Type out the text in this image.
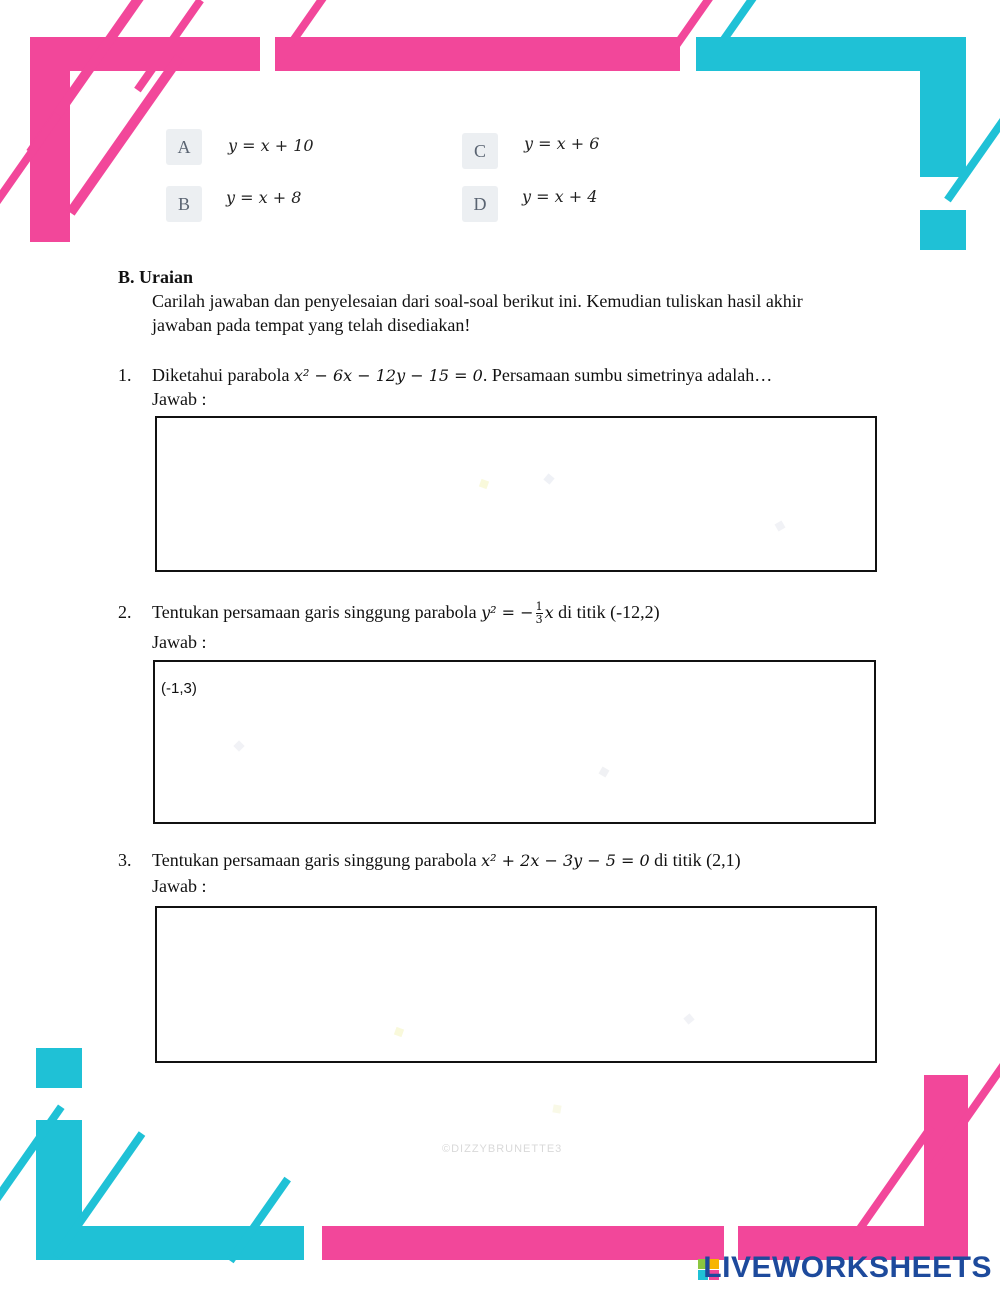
A	y = x + 10	C	y = x + 6
B	y = x + 8	D	y = x + 4
B. Uraian
Carilah jawaban dan penyelesaian dari soal-soal berikut ini. Kemudian tuliskan hasil akhir
jawaban pada tempat yang telah disediakan!
1. Diketahui parabola x² − 6x − 12y − 15 = 0. Persamaan sumbu simetrinya adalah…
Jawab :
2. Tentukan persamaan garis singgung parabola y² = − $\frac{1}{3}$ x di titik (-12,2)
Jawab :
(-1,3)
3. Tentukan persamaan garis singgung parabola x² + 2x − 3y − 5 = 0 di titik (2,1)
Jawab :
©DIZZYBRUNETTE3
LIVEWORKSHEETS
